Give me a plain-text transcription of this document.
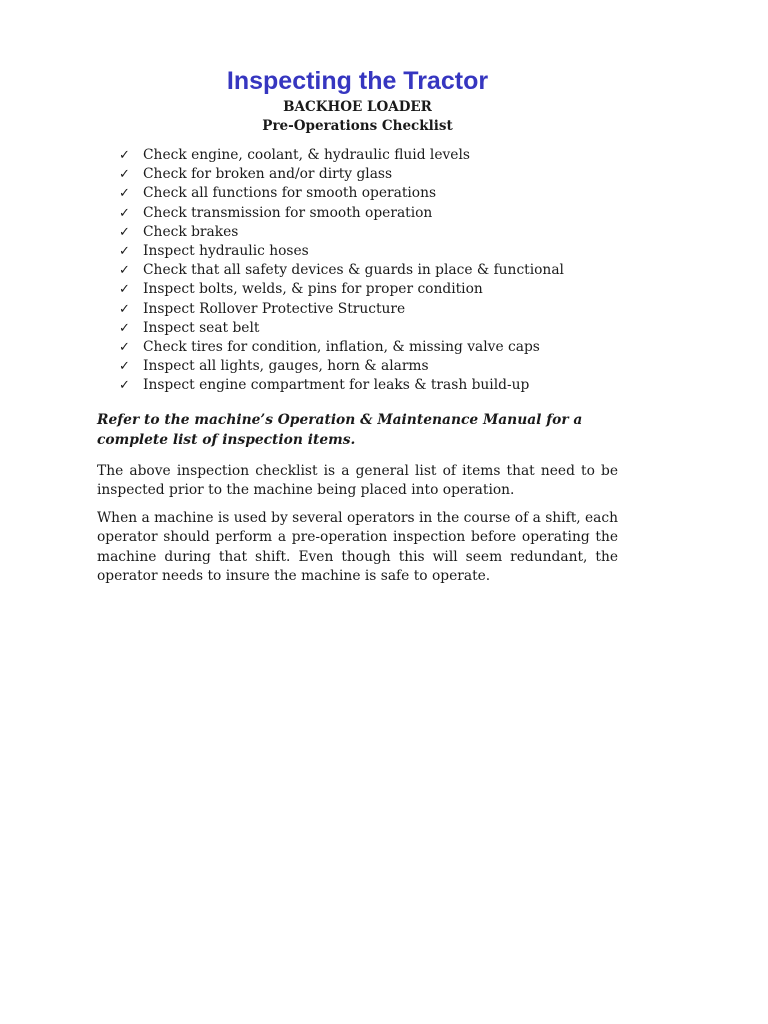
Inspecting the Tractor

BACKHOE LOADER

Pre-Operations Checklist

✓ Check engine, coolant, & hydraulic fluid levels
✓ Check for broken and/or dirty glass
✓ Check all functions for smooth operations
✓ Check transmission for smooth operation
✓ Check brakes
✓ Inspect hydraulic hoses
✓ Check that all safety devices & guards in place & functional
✓ Inspect bolts, welds, & pins for proper condition
✓ Inspect Rollover Protective Structure
✓ Inspect seat belt
✓ Check tires for condition, inflation, & missing valve caps
✓ Inspect all lights, gauges, horn & alarms
✓ Inspect engine compartment for leaks & trash build-up

Refer to the machine’s Operation & Maintenance Manual for a complete list of inspection items.

The above inspection checklist is a general list of items that need to be inspected prior to the machine being placed into operation.

When a machine is used by several operators in the course of a shift, each operator should perform a pre-operation inspection before operating the machine during that shift. Even though this will seem redundant, the operator needs to insure the machine is safe to operate.
